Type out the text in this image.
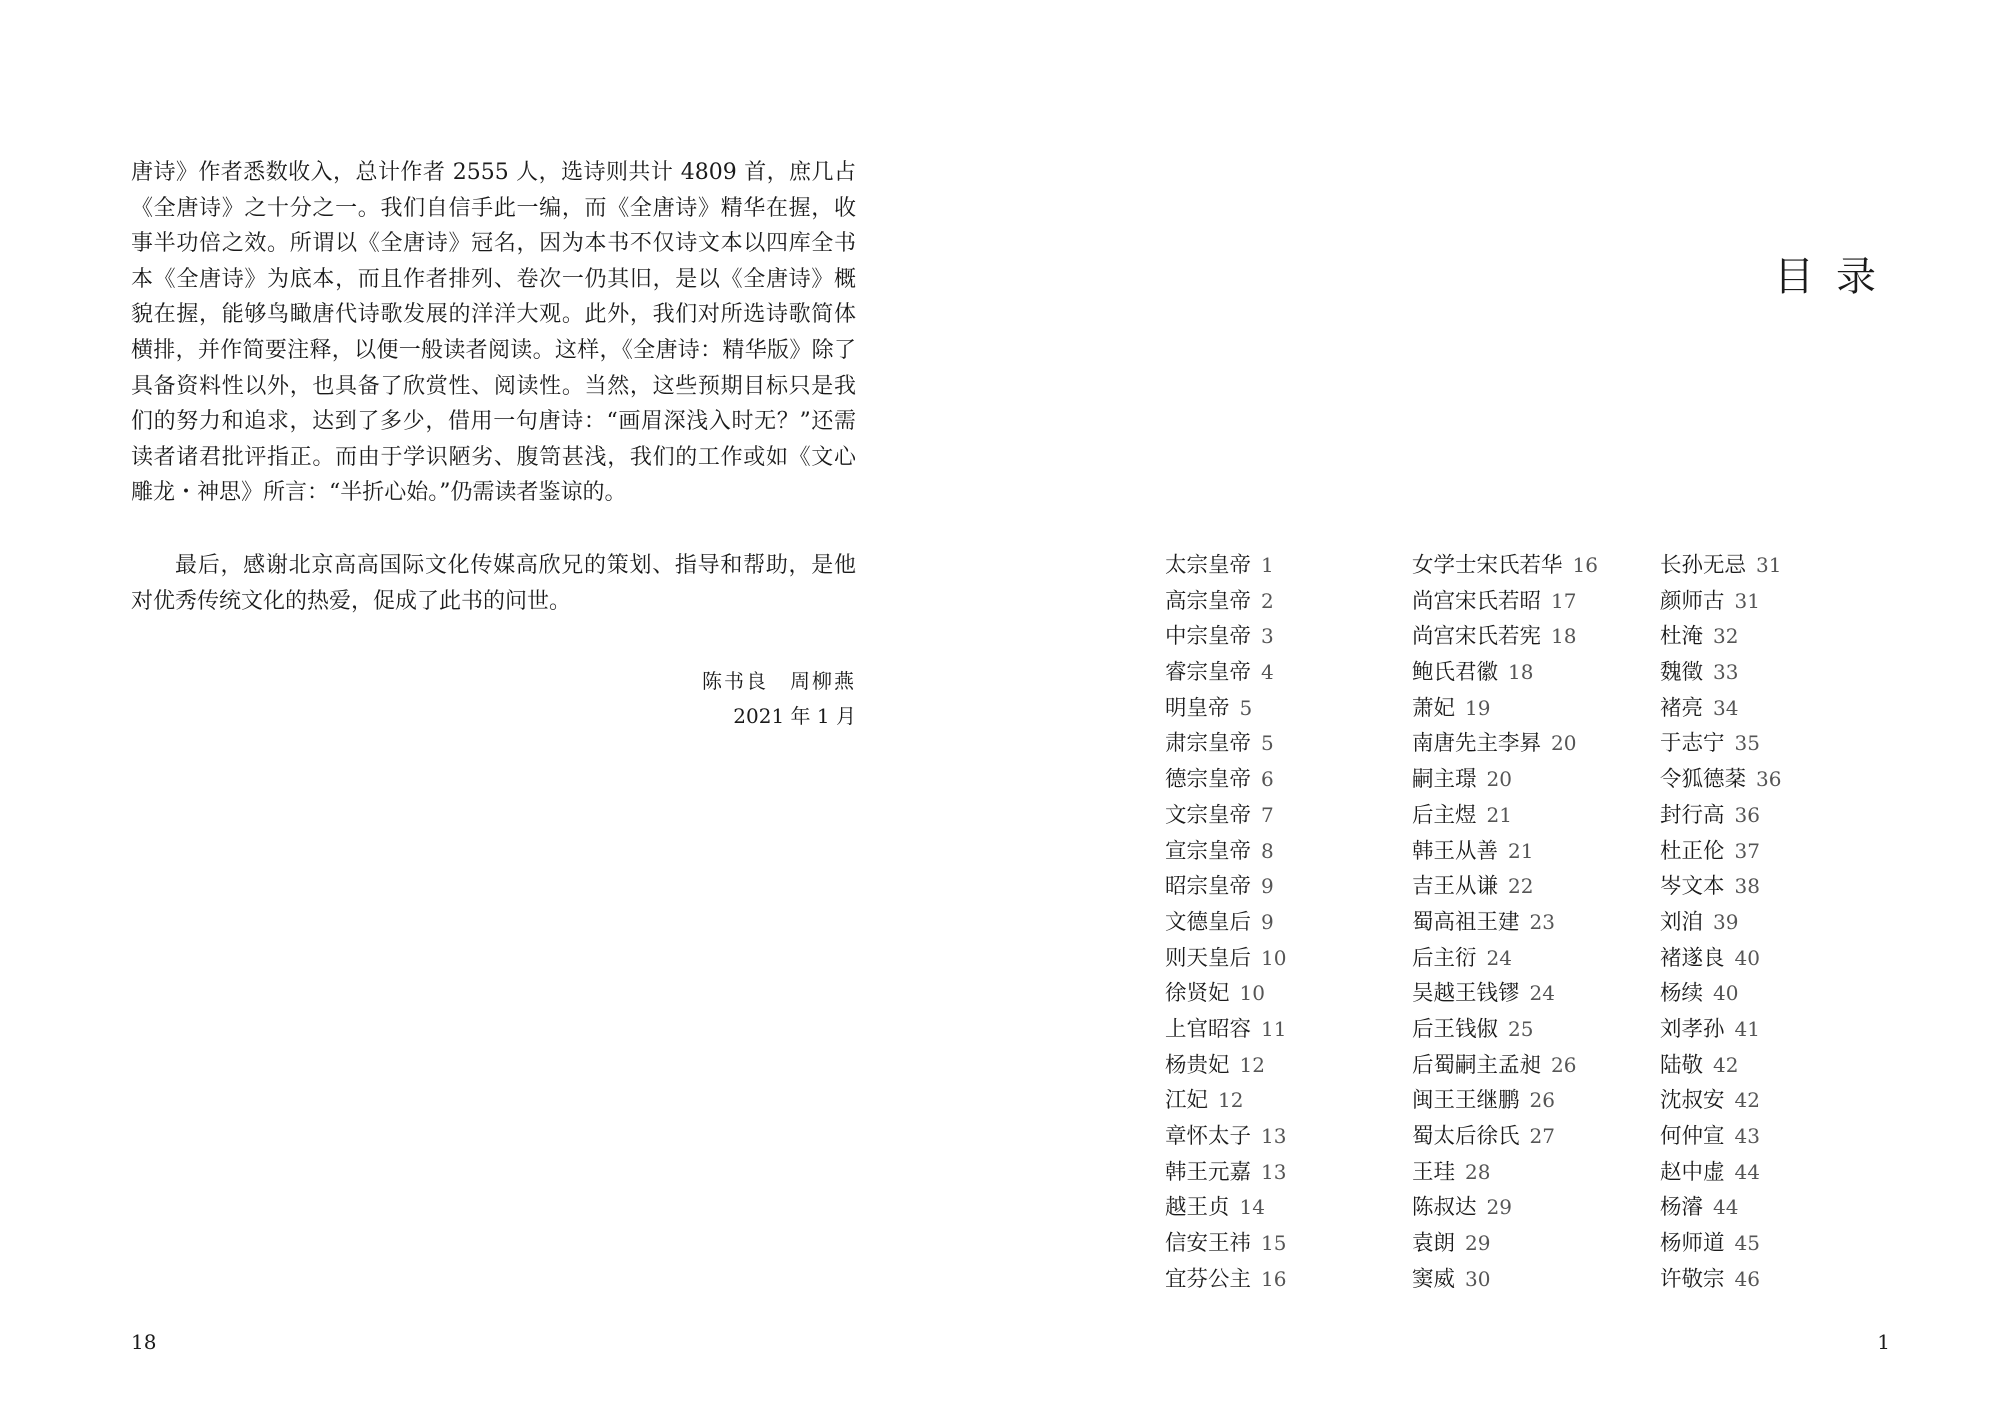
唐诗》作者悉数收入，总计作者 2555 人，选诗则共计 4809 首，庶几占《全唐诗》之十分之一。我们自信手此一编，而《全唐诗》精华在握，收事半功倍之效。所谓以《全唐诗》冠名，因为本书不仅诗文本以四库全书本《全唐诗》为底本，而且作者排列、卷次一仍其旧，是以《全唐诗》概貌在握，能够鸟瞰唐代诗歌发展的洋洋大观。此外，我们对所选诗歌简体横排，并作简要注释，以便一般读者阅读。这样，《全唐诗：精华版》除了具备资料性以外，也具备了欣赏性、阅读性。当然，这些预期目标只是我们的努力和追求，达到了多少，借用一句唐诗：“画眉深浅入时无？”还需读者诸君批评指正。而由于学识陋劣、腹笥甚浅，我们的工作或如《文心雕龙・神思》所言：“半折心始。”仍需读者鉴谅的。

最后，感谢北京高高国际文化传媒高欣兄的策划、指导和帮助，是他对优秀传统文化的热爱，促成了此书的问世。

陈书良　周柳燕
2021 年 1 月
18
目录
太宗皇帝 1
高宗皇帝 2
中宗皇帝 3
睿宗皇帝 4
明皇帝 5
肃宗皇帝 5
德宗皇帝 6
文宗皇帝 7
宣宗皇帝 8
昭宗皇帝 9
文德皇后 9
则天皇后 10
徐贤妃 10
上官昭容 11
杨贵妃 12
江妃 12
章怀太子 13
韩王元嘉 13
越王贞 14
信安王祎 15
宜芬公主 16
女学士宋氏若华 16
尚宫宋氏若昭 17
尚宫宋氏若宪 18
鲍氏君徽 18
萧妃 19
南唐先主李昪 20
嗣主璟 20
后主煜 21
韩王从善 21
吉王从谦 22
蜀高祖王建 23
后主衍 24
吴越王钱镠 24
后王钱俶 25
后蜀嗣主孟昶 26
闽王王继鹏 26
蜀太后徐氏 27
王珪 28
陈叔达 29
袁朗 29
窦威 30
长孙无忌 31
颜师古 31
杜淹 32
魏徵 33
褚亮 34
于志宁 35
令狐德棻 36
封行高 36
杜正伦 37
岑文本 38
刘洎 39
褚遂良 40
杨续 40
刘孝孙 41
陆敬 42
沈叔安 42
何仲宣 43
赵中虚 44
杨濬 44
杨师道 45
许敬宗 46
1
